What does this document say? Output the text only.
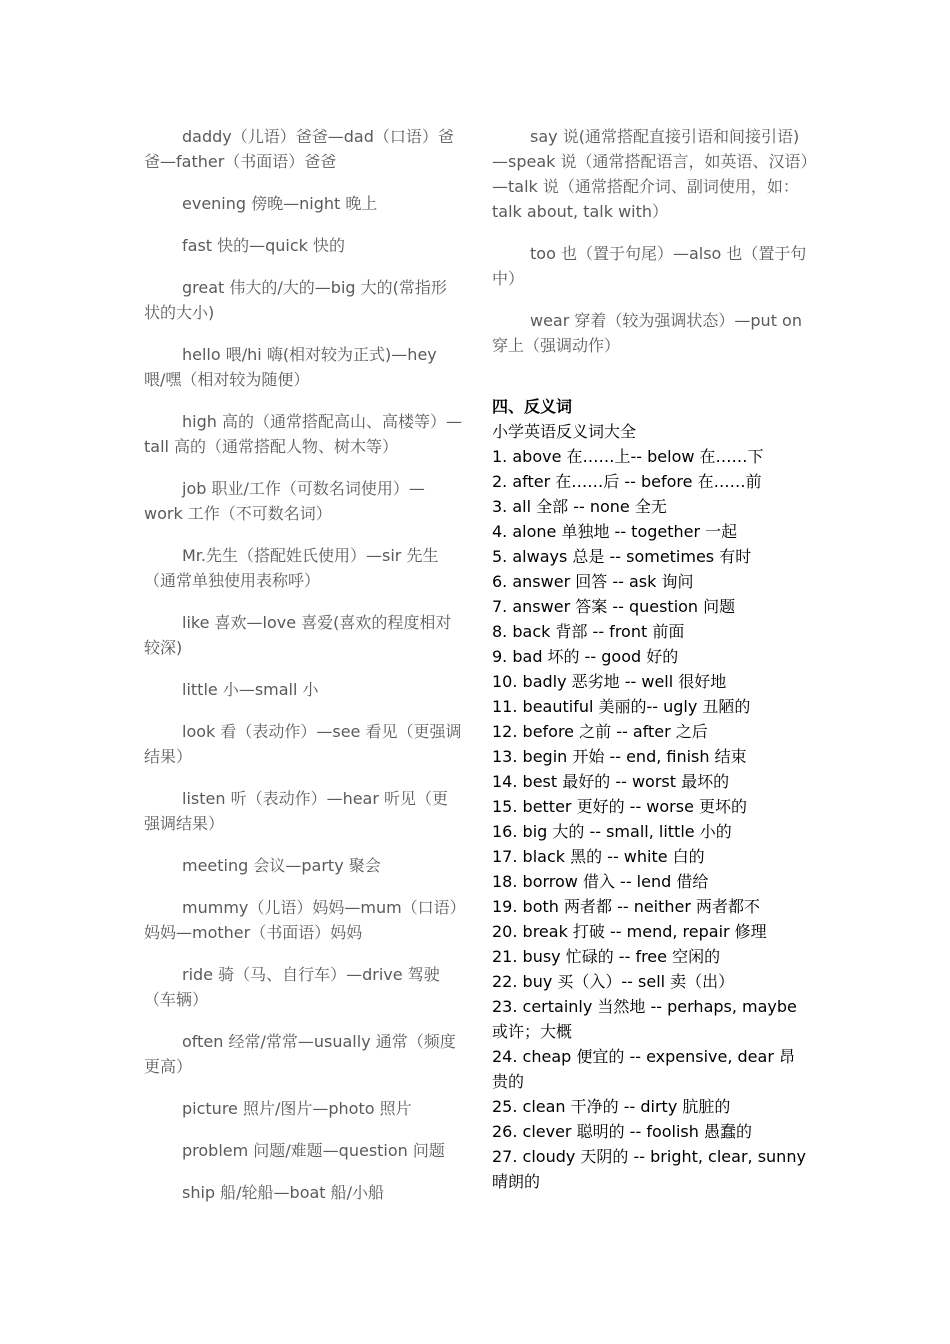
daddy（儿语）爸爸—dad（口语）爸爸—father（书面语）爸爸

evening 傍晚—night 晚上

fast 快的—quick 快的

great 伟大的/大的—big 大的(常指形状的大小)

hello 喂/hi 嗨(相对较为正式)—hey 喂/嘿（相对较为随便）

high 高的（通常搭配高山、高楼等）—tall 高的（通常搭配人物、树木等）

job 职业/工作（可数名词使用）—work 工作（不可数名词）

Mr.先生（搭配姓氏使用）—sir 先生（通常单独使用表称呼）

like 喜欢—love 喜爱(喜欢的程度相对较深)

little 小—small 小

look 看（表动作）—see 看见（更强调结果）

listen 听（表动作）—hear 听见（更强调结果）

meeting 会议—party 聚会

mummy（儿语）妈妈—mum（口语）妈妈—mother（书面语）妈妈

ride 骑（马、自行车）—drive 驾驶（车辆）

often 经常/常常—usually 通常（频度更高）

picture 照片/图片—photo 照片

problem 问题/难题—question 问题

ship 船/轮船—boat 船/小船

say 说(通常搭配直接引语和间接引语)—speak 说（通常搭配语言，如英语、汉语）—talk 说（通常搭配介词、副词使用，如：talk about, talk with）

too 也（置于句尾）—also 也（置于句中）

wear 穿着（较为强调状态）—put on 穿上（强调动作）

四、反义词
小学英语反义词大全
1. above 在……上-- below 在……下
2. after 在……后 -- before 在……前
3. all 全部 -- none 全无
4. alone 单独地 -- together 一起
5. always 总是 -- sometimes 有时
6. answer 回答 -- ask 询问
7. answer 答案 -- question 问题
8. back 背部 -- front 前面
9. bad 坏的 -- good 好的
10. badly 恶劣地 -- well 很好地
11. beautiful 美丽的-- ugly 丑陋的
12. before 之前 -- after 之后
13. begin 开始 -- end, finish 结束
14. best 最好的 -- worst 最坏的
15. better 更好的 -- worse 更坏的
16. big 大的 -- small, little 小的
17. black 黑的 -- white 白的
18. borrow 借入 -- lend 借给
19. both 两者都 -- neither 两者都不
20. break 打破 -- mend, repair 修理
21. busy 忙碌的 -- free 空闲的
22. buy 买（入）-- sell 卖（出）
23. certainly 当然地 -- perhaps, maybe 或许；大概
24. cheap 便宜的 -- expensive, dear 昂贵的
25. clean 干净的 -- dirty 肮脏的
26. clever 聪明的 -- foolish 愚蠢的
27. cloudy 天阴的 -- bright, clear, sunny 晴朗的
